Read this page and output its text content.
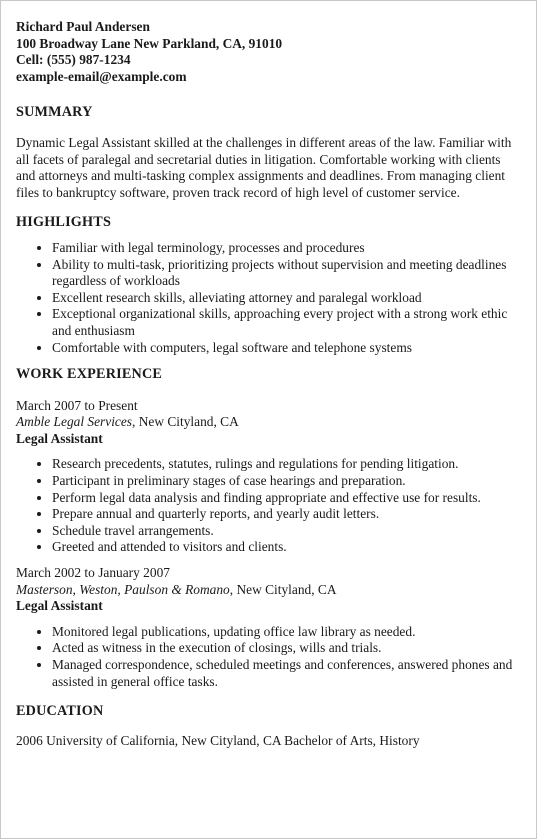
Richard Paul Andersen
100 Broadway Lane New Parkland, CA, 91010
Cell: (555) 987-1234
example-email@example.com
SUMMARY

Dynamic Legal Assistant skilled at the challenges in different areas of the law. Familiar with all facets of paralegal and secretarial duties in litigation. Comfortable working with clients and attorneys and multi-tasking complex assignments and deadlines. From managing client files to bankruptcy software, proven track record of high level of customer service.

HIGHLIGHTS
• Familiar with legal terminology, processes and procedures
• Ability to multi-task, prioritizing projects without supervision and meeting deadlines regardless of workloads
• Excellent research skills, alleviating attorney and paralegal workload
• Exceptional organizational skills, approaching every project with a strong work ethic and enthusiasm
• Comfortable with computers, legal software and telephone systems
WORK EXPERIENCE
March 2007 to Present
Amble Legal Services, New Cityland, CA
Legal Assistant
• Research precedents, statutes, rulings and regulations for pending litigation.
• Participant in preliminary stages of case hearings and preparation.
• Perform legal data analysis and finding appropriate and effective use for results.
• Prepare annual and quarterly reports, and yearly audit letters.
• Schedule travel arrangements.
• Greeted and attended to visitors and clients.
March 2002 to January 2007
Masterson, Weston, Paulson & Romano, New Cityland, CA
Legal Assistant
• Monitored legal publications, updating office law library as needed.
• Acted as witness in the execution of closings, wills and trials.
• Managed correspondence, scheduled meetings and conferences, answered phones and assisted in general office tasks.
EDUCATION

2006 University of California, New Cityland, CA Bachelor of Arts, History
